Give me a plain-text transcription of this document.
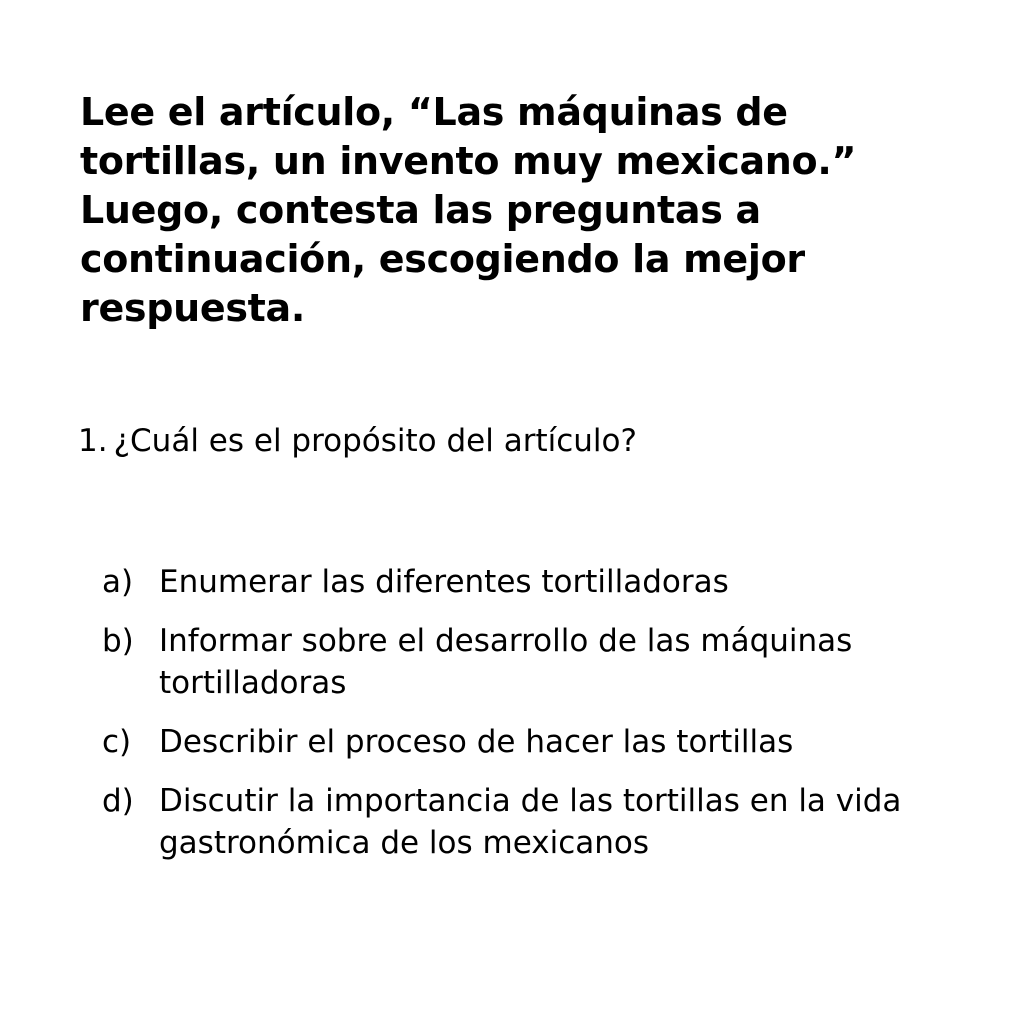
Lee el artículo, “Las máquinas de tortillas, un invento muy mexicano.” Luego, contesta las preguntas a continuación, escogiendo la mejor respuesta.

1. ¿Cuál es el propósito del artículo?
a) Enumerar las diferentes tortilladoras
b) Informar sobre el desarrollo de las máquinas tortilladoras
c) Describir el proceso de hacer las tortillas
d) Discutir la importancia de las tortillas en la vida gastronómica de los mexicanos
